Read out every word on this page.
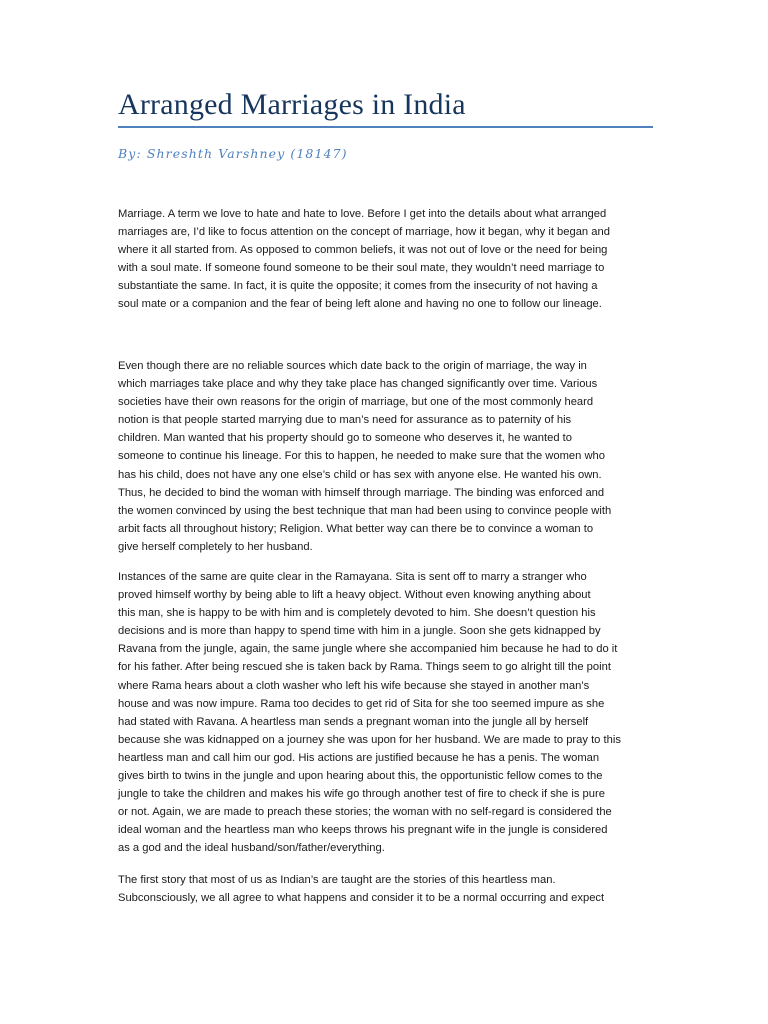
Arranged Marriages in India

By: Shreshth Varshney (18147)

Marriage. A term we love to hate and hate to love. Before I get into the details about what arranged
marriages are, I’d like to focus attention on the concept of marriage, how it began, why it began and
where it all started from. As opposed to common beliefs, it was not out of love or the need for being
with a soul mate. If someone found someone to be their soul mate, they wouldn’t need marriage to
substantiate the same. In fact, it is quite the opposite; it comes from the insecurity of not having a
soul mate or a companion and the fear of being left alone and having no one to follow our lineage.

Even though there are no reliable sources which date back to the origin of marriage, the way in
which marriages take place and why they take place has changed significantly over time. Various
societies have their own reasons for the origin of marriage, but one of the most commonly heard
notion is that people started marrying due to man’s need for assurance as to paternity of his
children. Man wanted that his property should go to someone who deserves it, he wanted to
someone to continue his lineage. For this to happen, he needed to make sure that the women who
has his child, does not have any one else’s child or has sex with anyone else. He wanted his own.
Thus, he decided to bind the woman with himself through marriage. The binding was enforced and
the women convinced by using the best technique that man had been using to convince people with
arbit facts all throughout history; Religion. What better way can there be to convince a woman to
give herself completely to her husband.

Instances of the same are quite clear in the Ramayana. Sita is sent off to marry a stranger who
proved himself worthy by being able to lift a heavy object. Without even knowing anything about
this man, she is happy to be with him and is completely devoted to him. She doesn’t question his
decisions and is more than happy to spend time with him in a jungle. Soon she gets kidnapped by
Ravana from the jungle, again, the same jungle where she accompanied him because he had to do it
for his father. After being rescued she is taken back by Rama. Things seem to go alright till the point
where Rama hears about a cloth washer who left his wife because she stayed in another man’s
house and was now impure. Rama too decides to get rid of Sita for she too seemed impure as she
had stated with Ravana. A heartless man sends a pregnant woman into the jungle all by herself
because she was kidnapped on a journey she was upon for her husband. We are made to pray to this
heartless man and call him our god. His actions are justified because he has a penis. The woman
gives birth to twins in the jungle and upon hearing about this, the opportunistic fellow comes to the
jungle to take the children and makes his wife go through another test of fire to check if she is pure
or not. Again, we are made to preach these stories; the woman with no self-regard is considered the
ideal woman and the heartless man who keeps throws his pregnant wife in the jungle is considered
as a god and the ideal husband/son/father/everything.

The first story that most of us as Indian’s are taught are the stories of this heartless man.
Subconsciously, we all agree to what happens and consider it to be a normal occurring and expect
